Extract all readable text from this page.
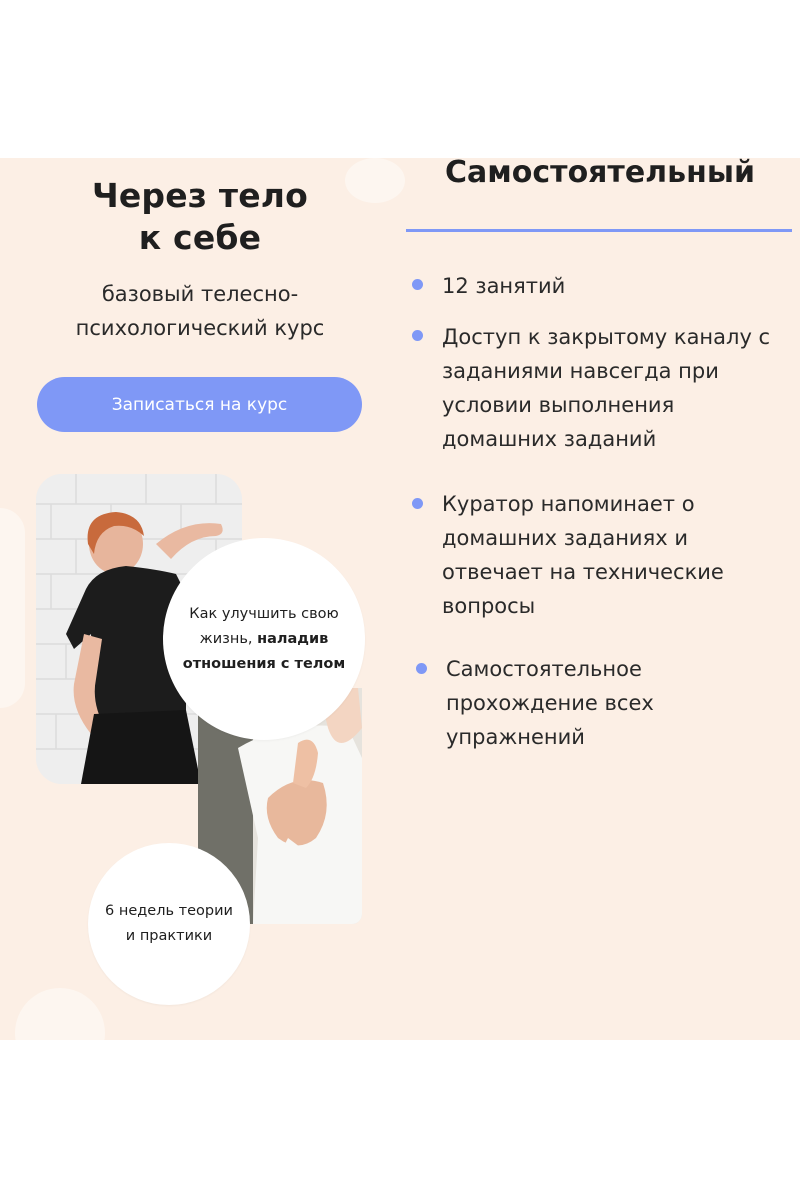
Через тело
к себе
базовый телесно-
психологический курс
Записаться на курс
Как улучшить свою
жизнь, наладив
отношения с телом
6 недель теории
и практики
Самостоятельный
12 занятий
Доступ к закрытому каналу с
заданиями навсегда при
условии выполнения
домашних заданий
Куратор напоминает о
домашних заданиях и
отвечает на технические
вопросы
Самостоятельное
прохождение всех
упражнений
